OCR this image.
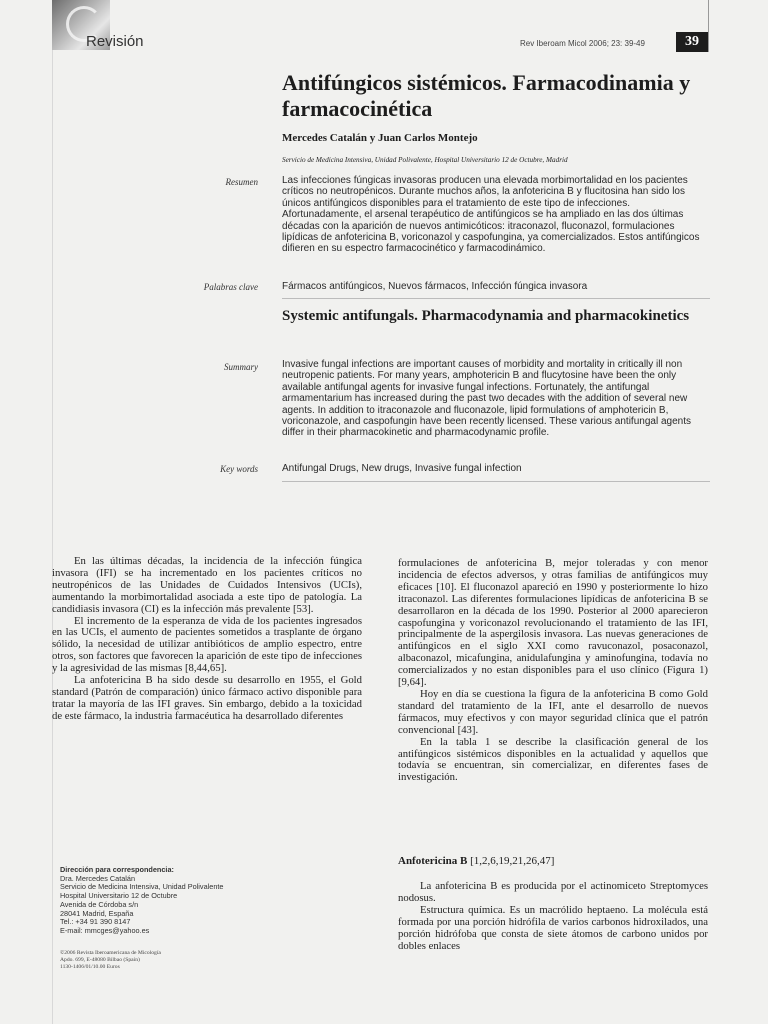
Revisión	Rev Iberoam Micol 2006; 23: 39-49	39
Antifúngicos sistémicos. Farmacodinamia y farmacocinética
Mercedes Catalán y Juan Carlos Montejo
Servicio de Medicina Intensiva, Unidad Polivalente, Hospital Universitario 12 de Octubre, Madrid
Resumen Las infecciones fúngicas invasoras producen una elevada morbimortalidad en los pacientes críticos no neutropénicos. Durante muchos años, la anfotericina B y flucitosina han sido los únicos antifúngicos disponibles para el tratamiento de este tipo de infecciones. Afortunadamente, el arsenal terapéutico de antifúngicos se ha ampliado en las dos últimas décadas con la aparición de nuevos antimicóticos: itraconazol, fluconazol, formulaciones lipídicas de anfotericina B, voriconazol y caspofungina, ya comercializados. Estos antifúngicos difieren en su espectro farmacocinético y farmacodinámico.
Palabras clave Fármacos antifúngicos, Nuevos fármacos, Infección fúngica invasora
Systemic antifungals. Pharmacodynamia and pharmacokinetics
Summary Invasive fungal infections are important causes of morbidity and mortality in critically ill non neutropenic patients. For many years, amphotericin B and flucytosine have been the only available antifungal agents for invasive fungal infections. Fortunately, the antifungal armamentarium has increased during the past two decades with the addition of several new agents. In addition to itraconazole and fluconazole, lipid formulations of amphotericin B, voriconazole, and caspofungin have been recently licensed. These various antifungal agents differ in their pharmacokinetic and pharmacodynamic profile.
Key words Antifungal Drugs, New drugs, Invasive fungal infection

En las últimas décadas, la incidencia de la infección fúngica invasora (IFI) se ha incrementado en los pacientes críticos no neutropénicos de las Unidades de Cuidados Intensivos (UCIs), aumentando la morbimortalidad asociada a este tipo de patología. La candidiasis invasora (CI) es la infección más prevalente [53].

El incremento de la esperanza de vida de los pacientes ingresados en las UCIs, el aumento de pacientes sometidos a trasplante de órgano sólido, la necesidad de utilizar antibióticos de amplio espectro, entre otros, son factores que favorecen la aparición de este tipo de infecciones y la agresividad de las mismas [8,44,65].

La anfotericina B ha sido desde su desarrollo en 1955, el Gold standard (Patrón de comparación) único fármaco activo disponible para tratar la mayoría de las IFI graves. Sin embargo, debido a la toxicidad de este fármaco, la industria farmacéutica ha desarrollado diferentes

formulaciones de anfotericina B, mejor toleradas y con menor incidencia de efectos adversos, y otras familias de antifúngicos muy eficaces [10]. El fluconazol apareció en 1990 y posteriormente lo hizo itraconazol. Las diferentes formulaciones lipídicas de anfotericina B se desarrollaron en la década de los 1990. Posterior al 2000 aparecieron caspofungina y voriconazol revolucionando el tratamiento de las IFI, principalmente de la aspergilosis invasora. Las nuevas generaciones de antifúngicos en el siglo XXI como ravuconazol, posaconazol, albaconazol, micafungina, anidulafungina y aminofungina, todavía no comercializados y no estan disponibles para el uso clínico (Figura 1) [9,64].

Hoy en día se cuestiona la figura de la anfotericina B como Gold standard del tratamiento de la IFI, ante el desarrollo de nuevos fármacos, muy efectivos y con mayor seguridad clínica que el patrón convencional [43].

En la tabla 1 se describe la clasificación general de los antifúngicos sistémicos disponibles en la actualidad y aquellos que todavía se encuentran, sin comercializar, en diferentes fases de investigación.

Anfotericina B [1,2,6,19,21,26,47]

La anfotericina B es producida por el actinomiceto Streptomyces nodosus.

Estructura química. Es un macrólido heptaeno. La molécula está formada por una porción hidrófila de varios carbonos hidroxilados, una porción hidrófoba que consta de siete átomos de carbono unidos por dobles enlaces

Dirección para correspondencia:
Dra. Mercedes Catalán
Servicio de Medicina Intensiva, Unidad Polivalente
Hospital Universitario 12 de Octubre
Avenida de Córdoba s/n
28041 Madrid, España
Tel.: +34 91 390 8147
E-mail: mmcges@yahoo.es
©2006 Revista Iberoamericana de Micología
Apdo. 699, E-48080 Bilbao (Spain)
1130-1406/01/10.00 Euros
